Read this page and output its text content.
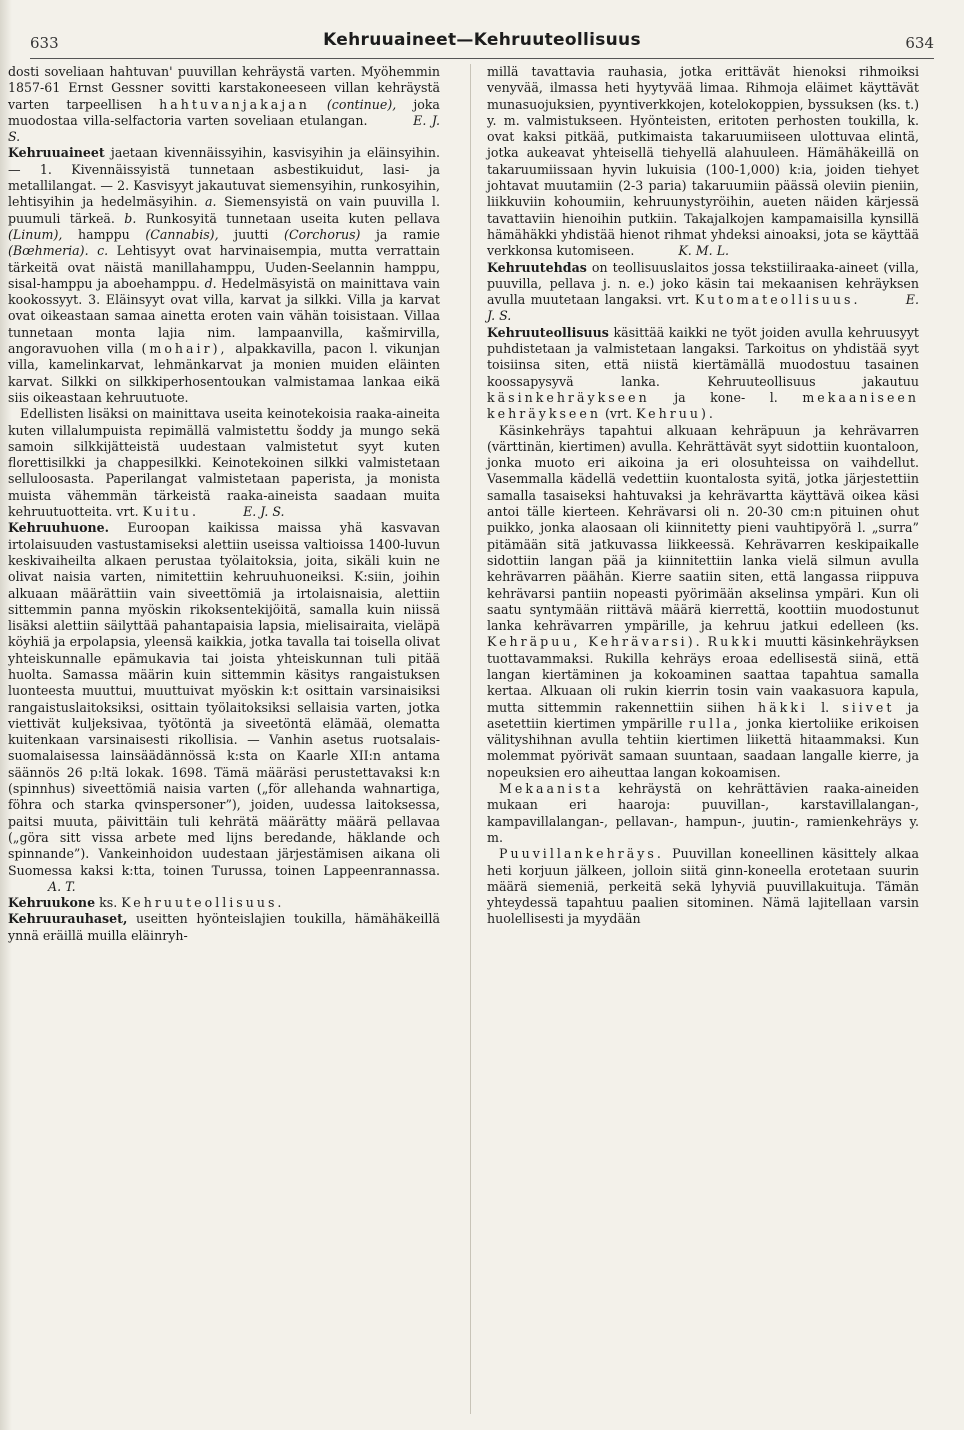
633	Kehruuaineet—Kehruuteollisuus	634

dosti soveliaan hahtuvan' puuvillan kehräystä varten. Myöhemmin 1857-61 Ernst Gessner sovitti karstakoneeseen villan kehräystä varten tarpeellisen hahtuvanjakajan (continue), joka muodostaa villa-selfactoria varten soveliaan etulangan.	E. J. S.

Kehruuaineet jaetaan kivennäissyihin, kasvisyihin ja eläinsyihin. — 1. Kivennäissyistä tunnetaan asbestikuidut, lasi- ja metallilangat. — 2. Kasvisyyt jakautuvat siemensyihin, runkosyihin, lehtisyihin ja hedelmäsyihin. a. Siemensyistä on vain puuvilla l. puumuli tärkeä. b. Runkosyitä tunnetaan useita kuten pellava (Linum), hamppu (Cannabis), juutti (Corchorus) ja ramie (Bœhmeria). c. Lehtisyyt ovat harvinaisempia, mutta verrattain tärkeitä ovat näistä manillahamppu, Uuden-Seelannin hamppu, sisal-hamppu ja aboehamppu. d. Hedelmäsyistä on mainittava vain kookossyyt. 3. Eläinsyyt ovat villa, karvat ja silkki. Villa ja karvat ovat oikeastaan samaa ainetta eroten vain vähän toisistaan. Villaa tunnetaan monta lajia nim. lampaanvilla, kašmirvilla, angoravuohen villa (mohair), alpakkavilla, pacon l. vikunjan villa, kamelinkarvat, lehmänkarvat ja monien muiden eläinten karvat. Silkki on silkkiperhosentoukan valmistamaa lankaa eikä siis oikeastaan kehruutuote.

Edellisten lisäksi on mainittava useita keinotekoisia raaka-aineita kuten villalumpuista repimällä valmistettu šoddy ja mungo sekä samoin silkkijätteistä uudestaan valmistetut syyt kuten florettisilkki ja chappesilkki. Keinotekoinen silkki valmistetaan selluloosasta. Paperilangat valmistetaan paperista, ja monista muista vähemmän tärkeistä raaka-aineista saadaan muita kehruutuotteita. vrt. Kuitu.	E. J. S.

Kehruuhuone. Euroopan kaikissa maissa yhä kasvavan irtolaisuuden vastustamiseksi alettiin useissa valtioissa 1400-luvun keskivaiheilta alkaen perustaa työlaitoksia, joita, sikäli kuin ne olivat naisia varten, nimitettiin kehruuhuoneiksi. K:siin, joihin alkuaan määrättiin vain siveettömiä ja irtolaisnaisia, alettiin sittemmin panna myöskin rikoksentekijöitä, samalla kuin niissä lisäksi alettiin säilyttää pahantapaisia lapsia, mielisairaita, vieläpä köyhiä ja erpolapsia, yleensä kaikkia, jotka tavalla tai toisella olivat yhteiskunnalle epämukavia tai joista yhteiskunnan tuli pitää huolta. Samassa määrin kuin sittemmin käsitys rangaistuksen luonteesta muuttui, muuttuivat myöskin k:t osittain varsinaisiksi rangaistuslaitoksiksi, osittain työlaitoksiksi sellaisia varten, jotka viettivät kuljeksivaa, työtöntä ja siveetöntä elämää, olematta kuitenkaan varsinaisesti rikollisia. — Vanhin asetus ruotsalais-suomalaisessa lainsäädännössä k:sta on Kaarle XII:n antama säännös 26 p:ltä lokak. 1698. Tämä määräsi perustettavaksi k:n (spinnhus) siveettömiä naisia varten („för allehanda wahnartiga, föhra och starka qvinspersoner”), joiden, uudessa laitoksessa, paitsi muuta, päivittäin tuli kehrätä määrätty määrä pellavaa („göra sitt vissa arbete med lijns beredande, häklande och spinnande”). Vankeinhoidon uudestaan järjestämisen aikana oli Suomessa kaksi k:tta, toinen Turussa, toinen Lappeenrannassa. A. T.

Kehruukone ks. Kehruuteollisuus.

Kehruurauhaset, useitten hyönteislajien toukilla, hämähäkeillä ynnä eräillä muilla eläinryh-

millä tavattavia rauhasia, jotka erittävät hienoksi rihmoiksi venyvää, ilmassa heti hyytyvää limaa. Rihmoja eläimet käyttävät munasuojuksien, pyyntiverkkojen, kotelokoppien, byssuksen (ks. t.) y. m. valmistukseen. Hyönteisten, eritoten perhosten toukilla, k. ovat kaksi pitkää, putkimaista takaruumiiseen ulottuvaa elintä, jotka aukeavat yhteisellä tiehyellä alahuuleen. Hämähäkeillä on takaruumiissaan hyvin lukuisia (100-1,000) k:ia, joiden tiehyet johtavat muutamiin (2-3 paria) takaruumiin päässä oleviin pieniin, liikkuviin kohoumiin, kehruunystyröihin, aueten näiden kärjessä tavattaviin hienoihin putkiin. Takajalkojen kampamaisilla kynsillä hämähäkki yhdistää hienot rihmat yhdeksi ainoaksi, jota se käyttää verkkonsa kutomiseen.	K. M. L.

Kehruutehdas on teollisuuslaitos jossa tekstiiliraaka-aineet (villa, puuvilla, pellava j. n. e.) joko käsin tai mekaanisen kehräyksen avulla muutetaan langaksi. vrt. Kutomateollisuus.	E. J. S.

Kehruuteollisuus käsittää kaikki ne työt joiden avulla kehruusyyt puhdistetaan ja valmistetaan langaksi. Tarkoitus on yhdistää syyt toisiinsa siten, että niistä kiertämällä muodostuu tasainen koossapysyvä lanka. Kehruuteollisuus jakautuu käsinkehräykseen ja kone- l. mekaaniseen kehräykseen (vrt. Kehruu).

Käsinkehräys tapahtui alkuaan kehräpuun ja kehrävarren (värttinän, kiertimen) avulla. Kehrättävät syyt sidottiin kuontaloon, jonka muoto eri aikoina ja eri olosuhteissa on vaihdellut. Vasemmalla kädellä vedettiin kuontalosta syitä, jotka järjestettiin samalla tasaiseksi hahtuvaksi ja kehrävartta käyttävä oikea käsi antoi tälle kierteen. Kehrävarsi oli n. 20-30 cm:n pituinen ohut puikko, jonka alaosaan oli kiinnitetty pieni vauhtipyörä l. „surra” pitämään sitä jatkuvassa liikkeessä. Kehrävarren keskipaikalle sidottiin langan pää ja kiinnitettiin lanka vielä silmun avulla kehrävarren päähän. Kierre saatiin siten, että langassa riippuva kehrävarsi pantiin nopeasti pyörimään akselinsa ympäri. Kun oli saatu syntymään riittävä määrä kierrettä, koottiin muodostunut lanka kehrävarren ympärille, ja kehruu jatkui edelleen (ks. Kehräpuu, Kehrävarsi). Rukki muutti käsinkehräyksen tuottavammaksi. Rukilla kehräys eroaa edellisestä siinä, että langan kiertäminen ja kokoaminen saattaa tapahtua samalla kertaa. Alkuaan oli rukin kierrin tosin vain vaakasuora kapula, mutta sittemmin rakennettiin siihen häkki l. siivet ja asetettiin kiertimen ympärille rulla, jonka kiertoliike erikoisen välityshihnan avulla tehtiin kiertimen liikettä hitaammaksi. Kun molemmat pyörivät samaan suuntaan, saadaan langalle kierre, ja nopeuksien ero aiheuttaa langan kokoamisen.

Mekaanista kehräystä on kehrättävien raaka-aineiden mukaan eri haaroja: puuvillan-, karstavillalangan-, kampavillalangan-, pellavan-, hampun-, juutin-, ramienkehräys y. m.

Puuvillankehräys. Puuvillan koneellinen käsittely alkaa heti korjuun jälkeen, jolloin siitä ginn-koneella erotetaan suurin määrä siemeniä, perkeitä sekä lyhyviä puuvillakuituja. Tämän yhteydessä tapahtuu paalien sitominen. Nämä lajitellaan varsin huolellisesti ja myydään
